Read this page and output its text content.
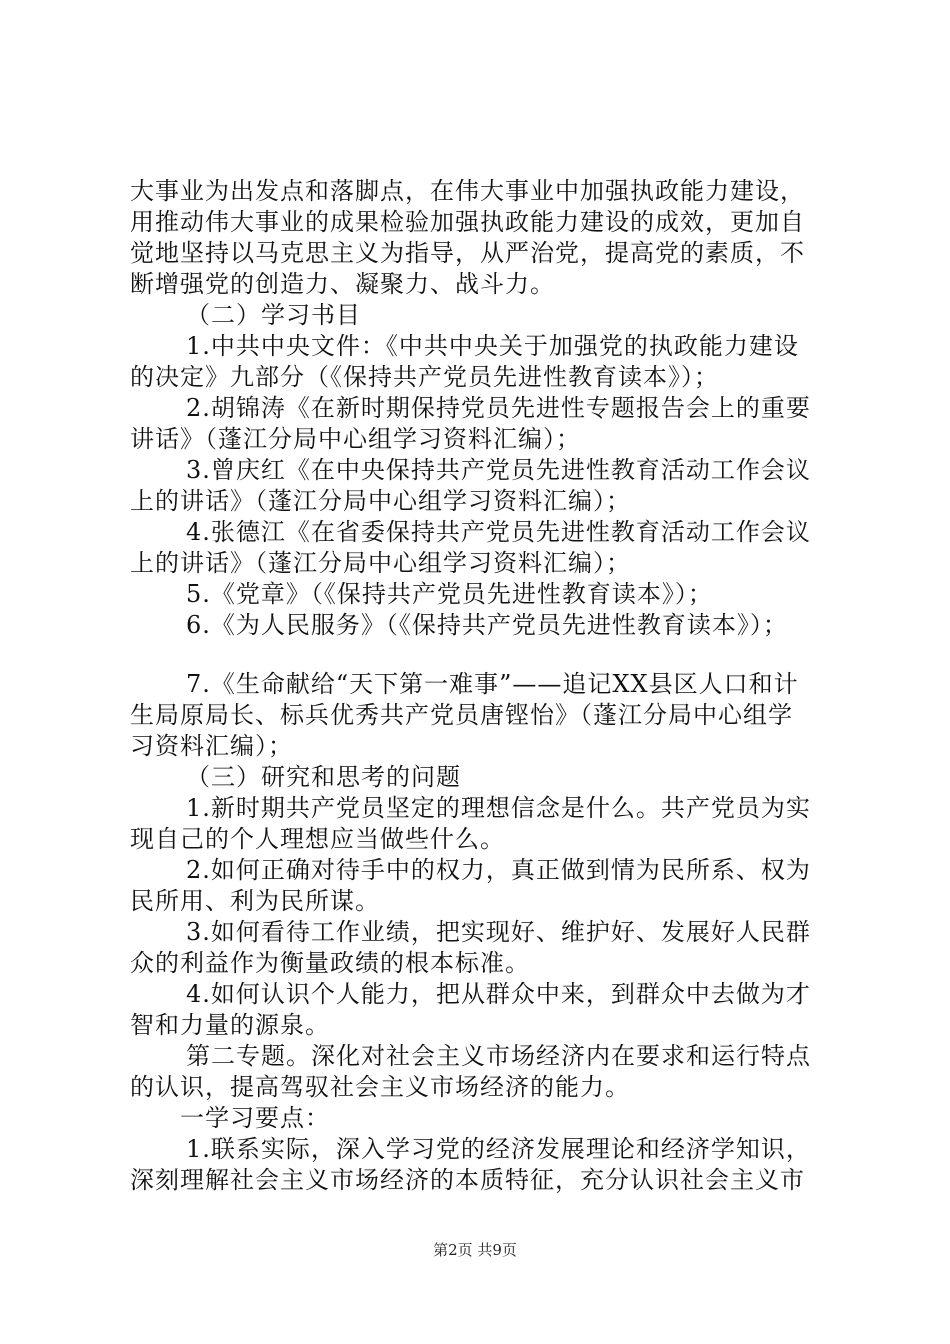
大事业为出发点和落脚点，在伟大事业中加强执政能力建设，
用推动伟大事业的成果检验加强执政能力建设的成效，更加自
觉地坚持以马克思主义为指导，从严治党，提高党的素质，不
断增强党的创造力、凝聚力、战斗力。
（二）学习书目
1.中共中央文件：《中共中央关于加强党的执政能力建设
的决定》九部分（《保持共产党员先进性教育读本》）；
2.胡锦涛《在新时期保持党员先进性专题报告会上的重要
讲话》（蓬江分局中心组学习资料汇编）；
3.曾庆红《在中央保持共产党员先进性教育活动工作会议
上的讲话》（蓬江分局中心组学习资料汇编）；
4.张德江《在省委保持共产党员先进性教育活动工作会议
上的讲话》（蓬江分局中心组学习资料汇编）；
5.《党章》（《保持共产党员先进性教育读本》）；
6.《为人民服务》（《保持共产党员先进性教育读本》）；
7.《生命献给“天下第一难事”——追记XX县区人口和计
生局原局长、标兵优秀共产党员唐铿怡》（蓬江分局中心组学
习资料汇编）；
（三）研究和思考的问题
1.新时期共产党员坚定的理想信念是什么。共产党员为实
现自己的个人理想应当做些什么。
2.如何正确对待手中的权力，真正做到情为民所系、权为
民所用、利为民所谋。
3.如何看待工作业绩，把实现好、维护好、发展好人民群
众的利益作为衡量政绩的根本标准。
4.如何认识个人能力，把从群众中来，到群众中去做为才
智和力量的源泉。
第二专题。深化对社会主义市场经济内在要求和运行特点
的认识，提高驾驭社会主义市场经济的能力。
一学习要点：
1.联系实际，深入学习党的经济发展理论和经济学知识，
深刻理解社会主义市场经济的本质特征，充分认识社会主义市
第2页 共9页
